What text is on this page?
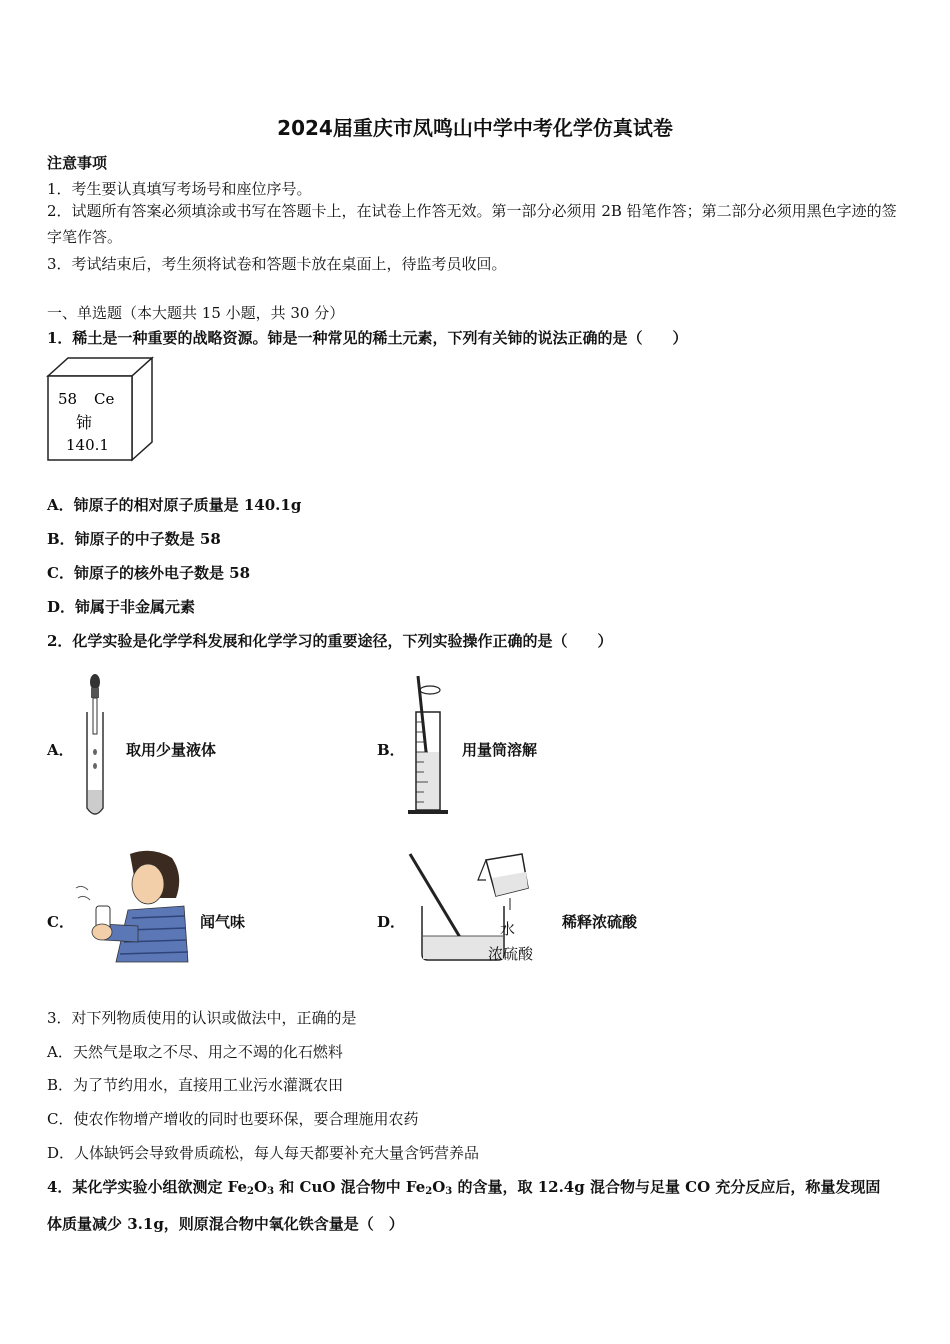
2024届重庆市凤鸣山中学中考化学仿真试卷
注意事项
1．考生要认真填写考场号和座位序号。
2．试题所有答案必须填涂或书写在答题卡上，在试卷上作答无效。第一部分必须用 2B 铅笔作答；第二部分必须用黑色字迹的签字笔作答。
3．考试结束后，考生须将试卷和答题卡放在桌面上，待监考员收回。
一、单选题（本大题共 15 小题，共 30 分）
1．稀土是一种重要的战略资源。铈是一种常见的稀土元素，下列有关铈的说法正确的是（　　）
58 Ce
铈
140.1
A．铈原子的相对原子质量是 140.1g
B．铈原子的中子数是 58
C．铈原子的核外电子数是 58
D．铈属于非金属元素
2．化学实验是化学学科发展和化学学习的重要途径，下列实验操作正确的是（　　）
A．	取用少量液体	B．	用量筒溶解
C．	闻气味	D．	水
浓硫酸
稀释浓硫酸
3．对下列物质使用的认识或做法中，正确的是
A．天然气是取之不尽、用之不竭的化石燃料
B．为了节约用水，直接用工业污水灌溉农田
C．使农作物增产增收的同时也要环保，要合理施用农药
D．人体缺钙会导致骨质疏松，每人每天都要补充大量含钙营养品
4．某化学实验小组欲测定 $Fe_2O_3$ 和 CuO 混合物中 $Fe_2O_3$ 的含量，取 12.4g 混合物与足量 CO 充分反应后，称量发现固
体质量减少 3.1g，则原混合物中氧化铁含量是（　）
